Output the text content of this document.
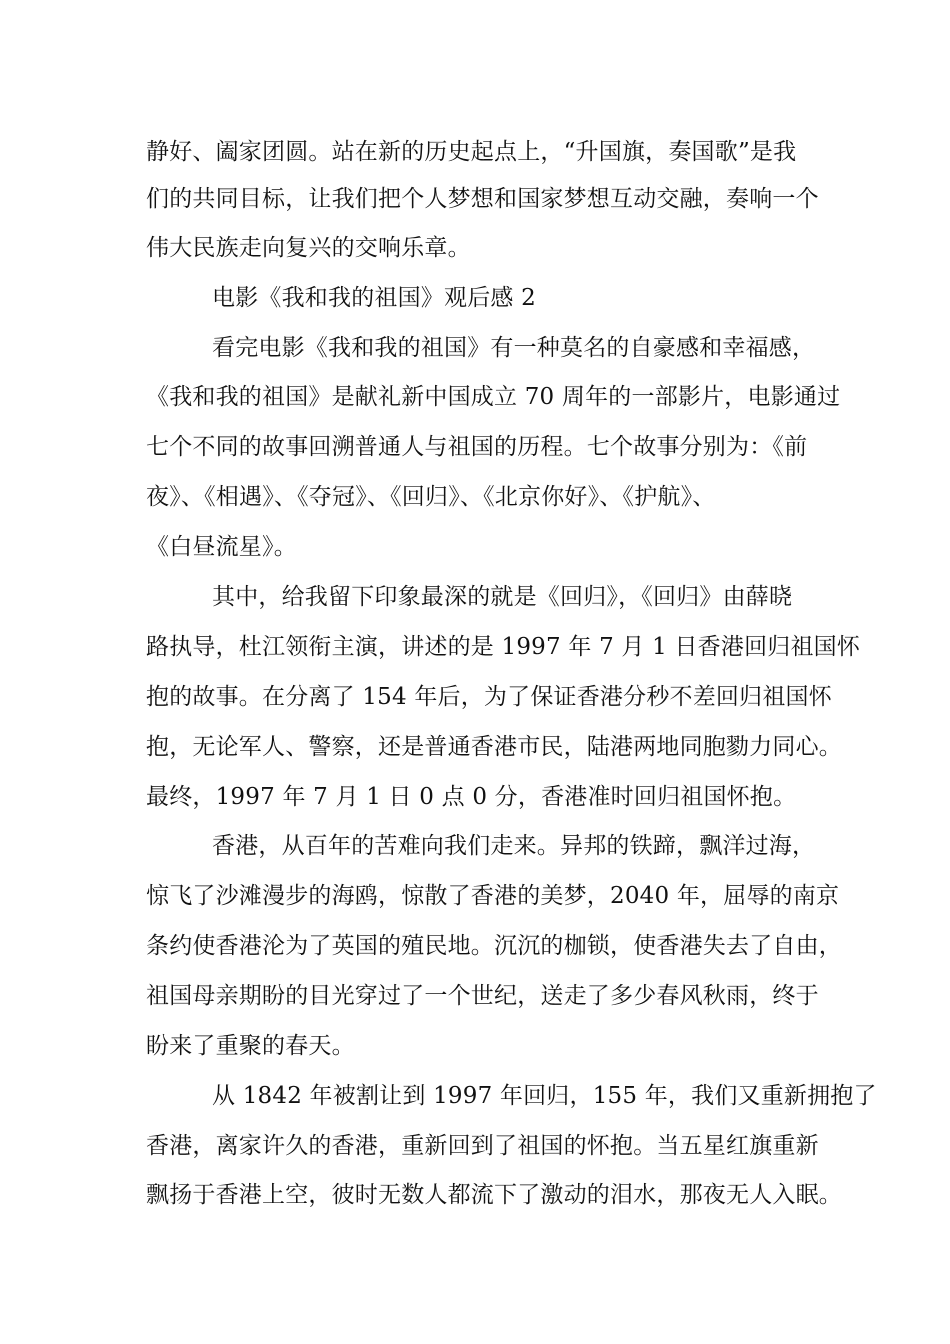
静好、阖家团圆。站在新的历史起点上，“升国旗，奏国歌”是我

们的共同目标，让我们把个人梦想和国家梦想互动交融，奏响一个

伟大民族走向复兴的交响乐章。

电影《我和我的祖国》观后感 2

看完电影《我和我的祖国》有一种莫名的自豪感和幸福感，

《我和我的祖国》是献礼新中国成立 70 周年的一部影片，电影通过

七个不同的故事回溯普通人与祖国的历程。七个故事分别为：《前

夜》、《相遇》、《夺冠》、《回归》、《北京你好》、《护航》、

《白昼流星》。

其中，给我留下印象最深的就是《回归》，《回归》由薛晓

路执导，杜江领衔主演，讲述的是 1997 年 7 月 1 日香港回归祖国怀

抱的故事。在分离了 154 年后，为了保证香港分秒不差回归祖国怀

抱，无论军人、警察，还是普通香港市民，陆港两地同胞勠力同心。

最终，1997 年 7 月 1 日 0 点 0 分，香港准时回归祖国怀抱。

香港，从百年的苦难向我们走来。异邦的铁蹄，飘洋过海，

惊飞了沙滩漫步的海鸥，惊散了香港的美梦，2040 年，屈辱的南京

条约使香港沦为了英国的殖民地。沉沉的枷锁，使香港失去了自由，

祖国母亲期盼的目光穿过了一个世纪，送走了多少春风秋雨，终于

盼来了重聚的春天。

从 1842 年被割让到 1997 年回归，155 年，我们又重新拥抱了

香港，离家许久的香港，重新回到了祖国的怀抱。当五星红旗重新

飘扬于香港上空，彼时无数人都流下了激动的泪水，那夜无人入眠。
